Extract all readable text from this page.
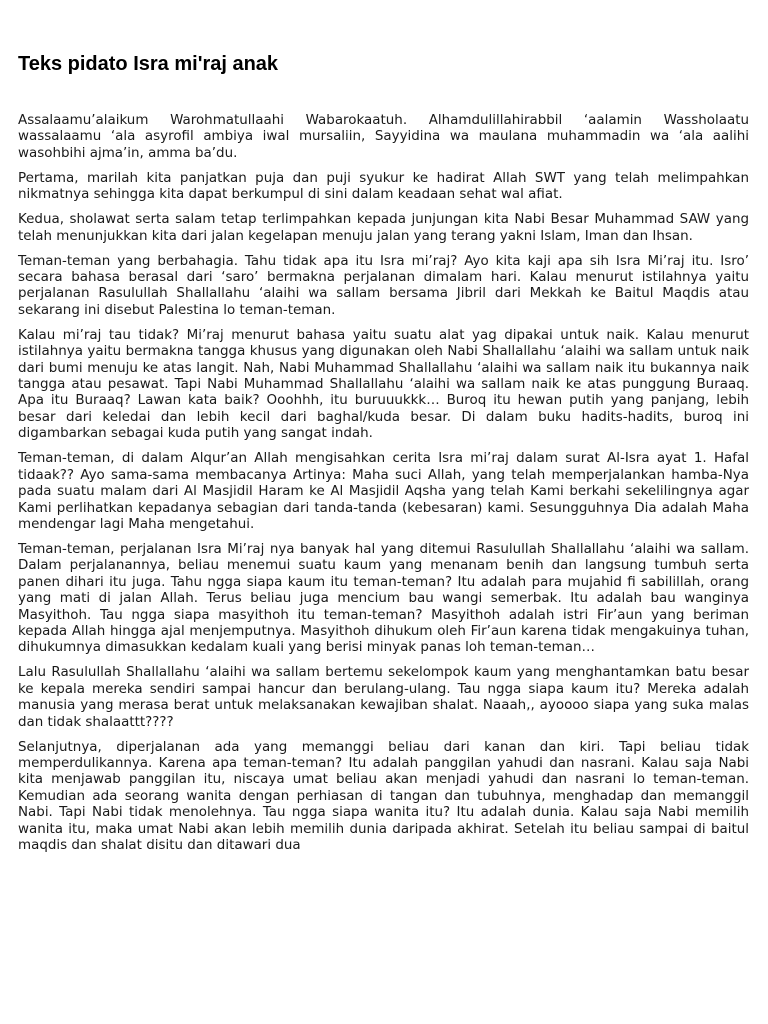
Teks pidato Isra mi'raj anak

Assalaamu’alaikum Warohmatullaahi Wabarokaatuh. Alhamdulillahirabbil ‘aalamin Wassholaatu wassalaamu ‘ala asyrofil ambiya iwal mursaliin, Sayyidina wa maulana muhammadin wa ‘ala aalihi wasohbihi ajma’in, amma ba’du.

Pertama, marilah kita panjatkan puja dan puji syukur ke hadirat Allah SWT yang telah melimpahkan nikmatnya sehingga kita dapat berkumpul di sini dalam keadaan sehat wal afiat.

Kedua, sholawat serta salam tetap terlimpahkan kepada junjungan kita Nabi Besar Muhammad SAW yang telah menunjukkan kita dari jalan kegelapan menuju jalan yang terang yakni Islam, Iman dan Ihsan.

Teman-teman yang berbahagia. Tahu tidak apa itu Isra mi’raj? Ayo kita kaji apa sih Isra Mi’raj itu. Isro’ secara bahasa berasal dari ‘saro’ bermakna perjalanan dimalam hari. Kalau menurut istilahnya yaitu perjalanan Rasulullah Shallallahu ‘alaihi wa sallam bersama Jibril dari Mekkah ke Baitul Maqdis atau sekarang ini disebut Palestina lo teman-teman.

Kalau mi’raj tau tidak? Mi’raj menurut bahasa yaitu suatu alat yag dipakai untuk naik. Kalau menurut istilahnya yaitu bermakna tangga khusus yang digunakan oleh Nabi Shallallahu ‘alaihi wa sallam untuk naik dari bumi menuju ke atas langit. Nah, Nabi Muhammad Shallallahu ‘alaihi wa sallam naik itu bukannya naik tangga atau pesawat. Tapi Nabi Muhammad Shallallahu ‘alaihi wa sallam naik ke atas punggung Buraaq. Apa itu Buraaq? Lawan kata baik? Ooohhh, itu buruuukkk… Buroq itu hewan putih yang panjang, lebih besar dari keledai dan lebih kecil dari baghal/kuda besar. Di dalam buku hadits-hadits, buroq ini digambarkan sebagai kuda putih yang sangat indah.

Teman-teman, di dalam Alqur’an Allah mengisahkan cerita Isra mi’raj dalam surat Al-Isra ayat 1. Hafal tidaak?? Ayo sama-sama membacanya Artinya: Maha suci Allah, yang telah memperjalankan hamba-Nya pada suatu malam dari Al Masjidil Haram ke Al Masjidil Aqsha yang telah Kami berkahi sekelilingnya agar Kami perlihatkan kepadanya sebagian dari tanda-tanda (kebesaran) kami. Sesungguhnya Dia adalah Maha mendengar lagi Maha mengetahui.

Teman-teman, perjalanan Isra Mi’raj nya banyak hal yang ditemui Rasulullah Shallallahu ‘alaihi wa sallam. Dalam perjalanannya, beliau menemui suatu kaum yang menanam benih dan langsung tumbuh serta panen dihari itu juga. Tahu ngga siapa kaum itu teman-teman? Itu adalah para mujahid fi sabilillah, orang yang mati di jalan Allah. Terus beliau juga mencium bau wangi semerbak. Itu adalah bau wanginya Masyithoh. Tau ngga siapa masyithoh itu teman-teman? Masyithoh adalah istri Fir’aun yang beriman kepada Allah hingga ajal menjemputnya. Masyithoh dihukum oleh Fir’aun karena tidak mengakuinya tuhan, dihukumnya dimasukkan kedalam kuali yang berisi minyak panas loh teman-teman…

Lalu Rasulullah Shallallahu ‘alaihi wa sallam bertemu sekelompok kaum yang menghantamkan batu besar ke kepala mereka sendiri sampai hancur dan berulang-ulang. Tau ngga siapa kaum itu? Mereka adalah manusia yang merasa berat untuk melaksanakan kewajiban shalat. Naaah,, ayoooo siapa yang suka malas dan tidak shalaattt????

Selanjutnya, diperjalanan ada yang memanggi beliau dari kanan dan kiri. Tapi beliau tidak memperdulikannya. Karena apa teman-teman? Itu adalah panggilan yahudi dan nasrani. Kalau saja Nabi kita menjawab panggilan itu, niscaya umat beliau akan menjadi yahudi dan nasrani lo teman-teman. Kemudian ada seorang wanita dengan perhiasan di tangan dan tubuhnya, menghadap dan memanggil Nabi. Tapi Nabi tidak menolehnya. Tau ngga siapa wanita itu? Itu adalah dunia. Kalau saja Nabi memilih wanita itu, maka umat Nabi akan lebih memilih dunia daripada akhirat. Setelah itu beliau sampai di baitul maqdis dan shalat disitu dan ditawari dua
